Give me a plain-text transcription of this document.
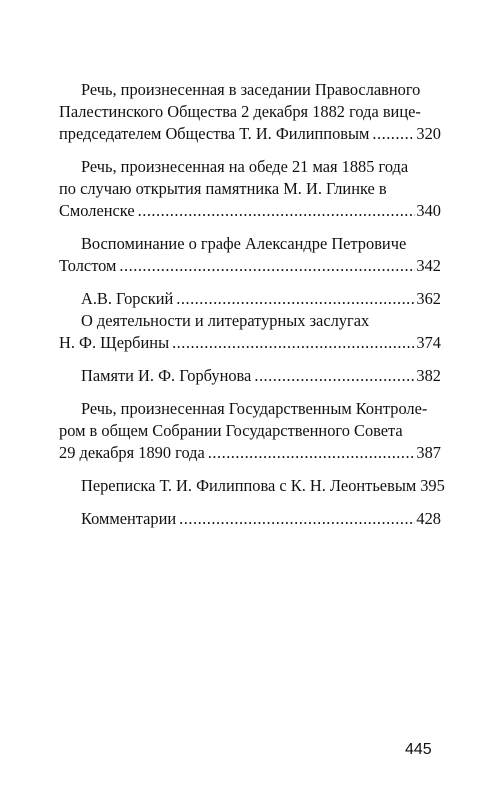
Речь, произнесенная в заседании Православного
Палестинского Общества 2 декабря 1882 года вице-
председателем Общества Т. И. Филипповым .....	320
Речь, произнесенная на обеде 21 мая 1885 года
по случаю открытия памятника М. И. Глинке в
Смоленске .....	340
Воспоминание о графе Александре Петровиче
Толстом .....	342
А.В. Горский .....	362
О деятельности и литературных заслугах
Н. Ф. Щербины .....	374
Памяти И. Ф. Горбунова .....	382
Речь, произнесенная Государственным Контроле-
ром в общем Собрании Государственного Совета
29 декабря 1890 года .....	387
Переписка Т. И. Филиппова с К. Н. Леонтьевым 395
Комментарии .....	428
445
